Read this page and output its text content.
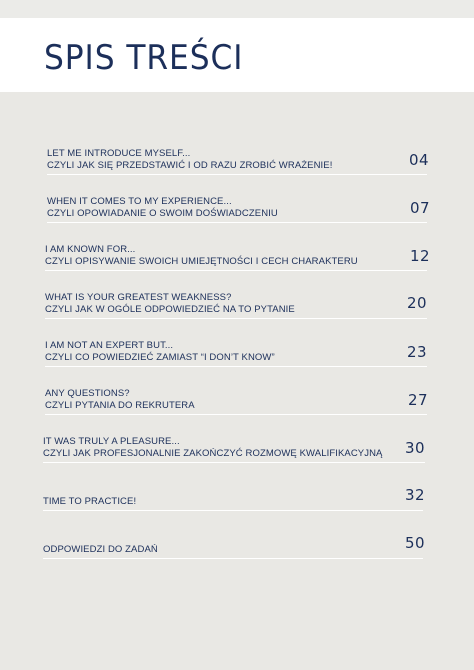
SPIS TREŚCI
LET ME INTRODUCE MYSELF...
CZYLI JAK SIĘ PRZEDSTAWIĆ I OD RAZU ZROBIĆ WRAŻENIE!	04
WHEN IT COMES TO MY EXPERIENCE...
CZYLI OPOWIADANIE O SWOIM DOŚWIADCZENIU	07
I AM KNOWN FOR...
CZYLI OPISYWANIE SWOICH UMIEJĘTNOŚCI I CECH CHARAKTERU	12
WHAT IS YOUR GREATEST WEAKNESS?
CZYLI JAK W OGÓLE ODPOWIEDZIEĆ NA TO PYTANIE	20
I AM NOT AN EXPERT BUT...
CZYLI CO POWIEDZIEĆ ZAMIAST “I DON’T KNOW”	23
ANY QUESTIONS?
CZYLI PYTANIA DO REKRUTERA	27
IT WAS TRULY A PLEASURE...
CZYLI JAK PROFESJONALNIE ZAKOŃCZYĆ ROZMOWĘ KWALIFIKACYJNĄ 30
TIME TO PRACTICE!	32
ODPOWIEDZI DO ZADAŃ	50
